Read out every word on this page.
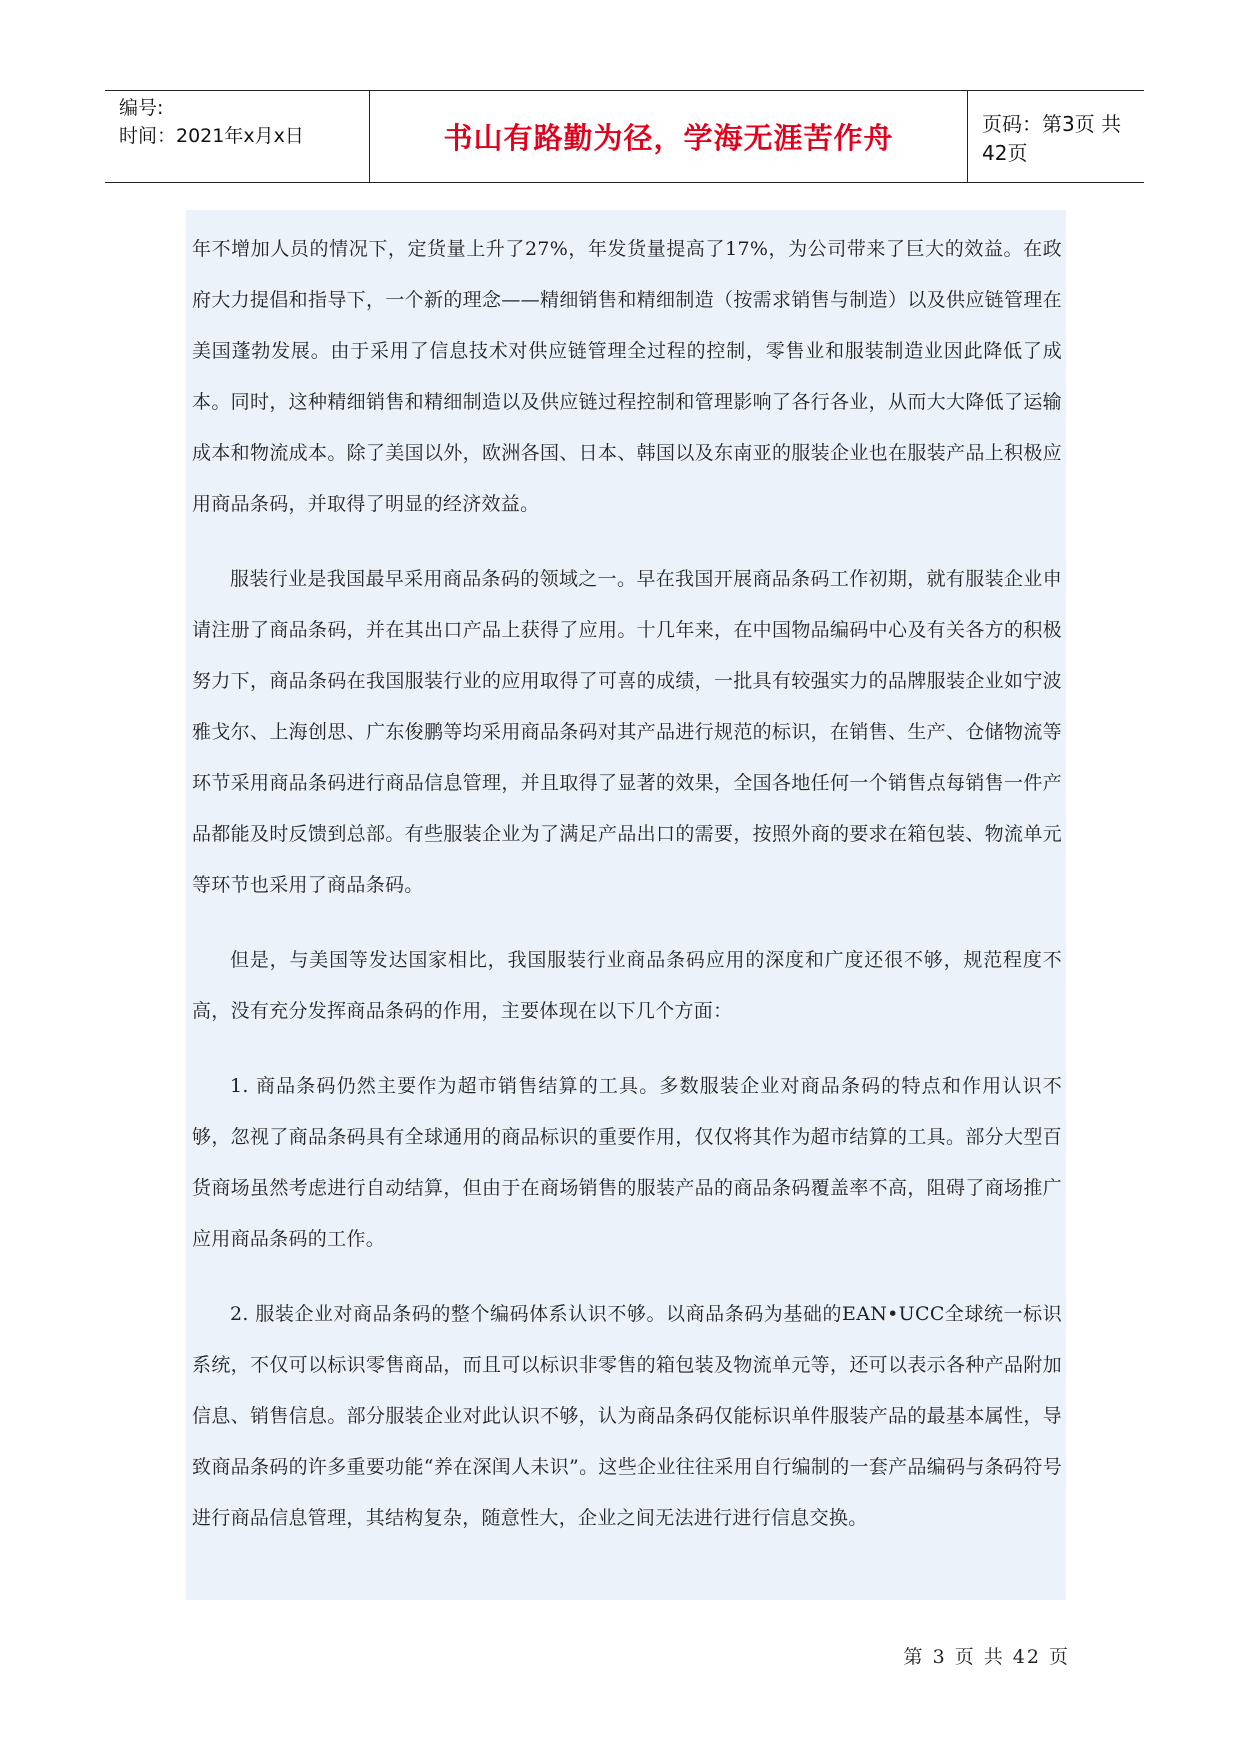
编号:
时间：2021年x月x日	书山有路勤为径，学海无涯苦作舟	页码：第3页 共42页

年不增加人员的情况下，定货量上升了27%，年发货量提高了17%，为公司带来了巨大的效益。在政府大力提倡和指导下，一个新的理念——精细销售和精细制造（按需求销售与制造）以及供应链管理在美国蓬勃发展。由于采用了信息技术对供应链管理全过程的控制，零售业和服装制造业因此降低了成本。同时，这种精细销售和精细制造以及供应链过程控制和管理影响了各行各业，从而大大降低了运输成本和物流成本。除了美国以外，欧洲各国、日本、韩国以及东南亚的服装企业也在服装产品上积极应用商品条码，并取得了明显的经济效益。

服装行业是我国最早采用商品条码的领域之一。早在我国开展商品条码工作初期，就有服装企业申请注册了商品条码，并在其出口产品上获得了应用。十几年来，在中国物品编码中心及有关各方的积极努力下，商品条码在我国服装行业的应用取得了可喜的成绩，一批具有较强实力的品牌服装企业如宁波雅戈尔、上海创思、广东俊鹏等均采用商品条码对其产品进行规范的标识，在销售、生产、仓储物流等环节采用商品条码进行商品信息管理，并且取得了显著的效果，全国各地任何一个销售点每销售一件产品都能及时反馈到总部。有些服装企业为了满足产品出口的需要，按照外商的要求在箱包装、物流单元等环节也采用了商品条码。

但是，与美国等发达国家相比，我国服装行业商品条码应用的深度和广度还很不够，规范程度不高，没有充分发挥商品条码的作用，主要体现在以下几个方面：

1. 商品条码仍然主要作为超市销售结算的工具。多数服装企业对商品条码的特点和作用认识不够，忽视了商品条码具有全球通用的商品标识的重要作用，仅仅将其作为超市结算的工具。部分大型百货商场虽然考虑进行自动结算，但由于在商场销售的服装产品的商品条码覆盖率不高，阻碍了商场推广应用商品条码的工作。

2. 服装企业对商品条码的整个编码体系认识不够。以商品条码为基础的EAN•UCC全球统一标识系统，不仅可以标识零售商品，而且可以标识非零售的箱包装及物流单元等，还可以表示各种产品附加信息、销售信息。部分服装企业对此认识不够，认为商品条码仅能标识单件服装产品的最基本属性，导致商品条码的许多重要功能“养在深闺人未识”。这些企业往往采用自行编制的一套产品编码与条码符号进行商品信息管理，其结构复杂，随意性大，企业之间无法进行进行信息交换。

第 3 页 共 42 页
